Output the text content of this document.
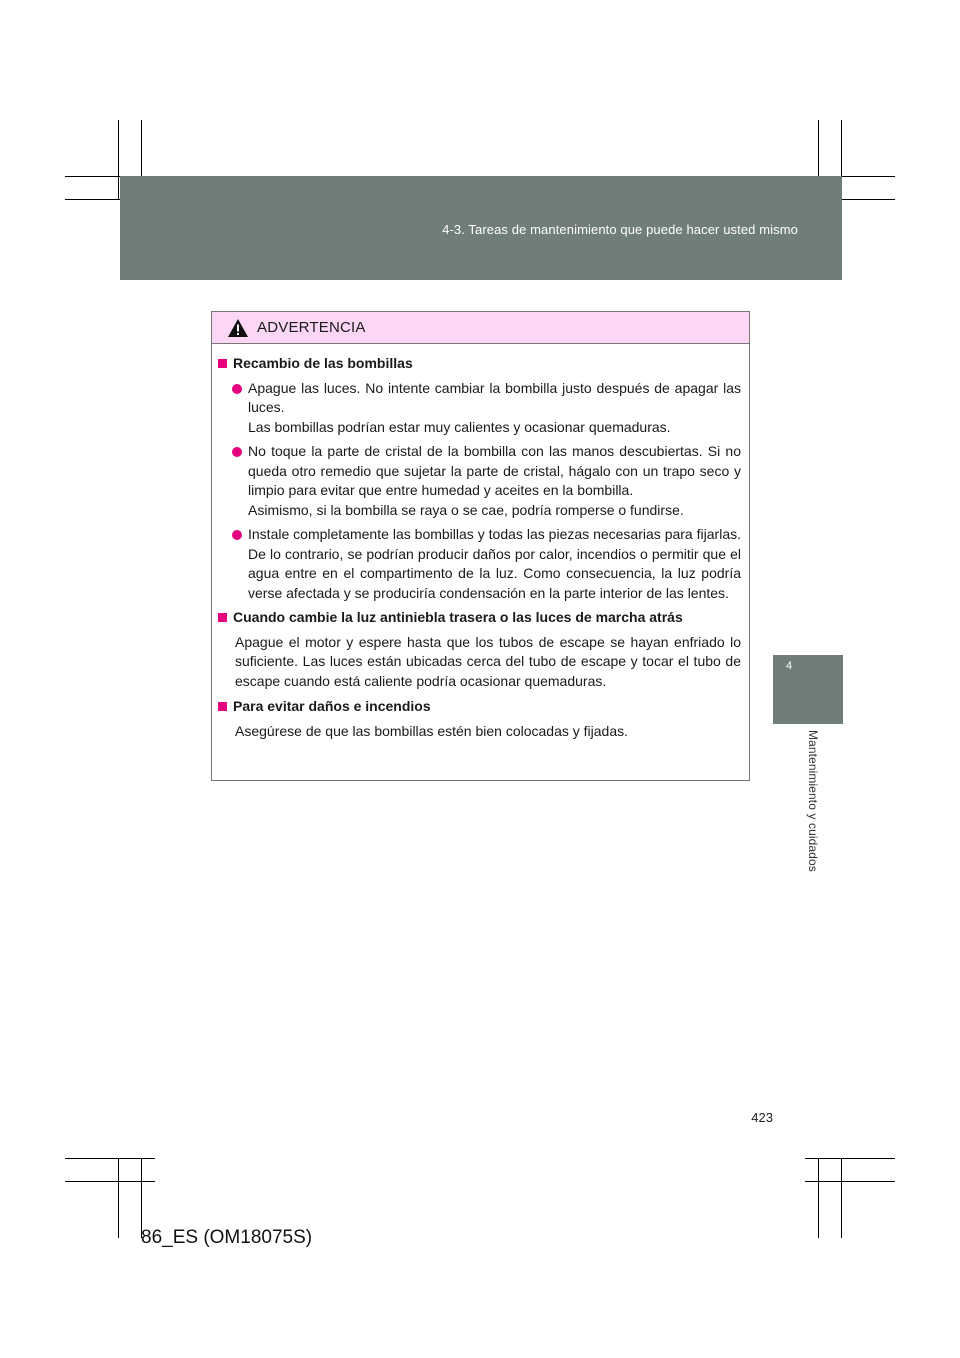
4-3. Tareas de mantenimiento que puede hacer usted mismo
4
Mantenimiento y cuidados
ADVERTENCIA
Recambio de las bombillas
Apague las luces. No intente cambiar la bombilla justo después de apagar las luces.
Las bombillas podrían estar muy calientes y ocasionar quemaduras.
No toque la parte de cristal de la bombilla con las manos descubiertas. Si no queda otro remedio que sujetar la parte de cristal, hágalo con un trapo seco y limpio para evitar que entre humedad y aceites en la bombilla.
Asimismo, si la bombilla se raya o se cae, podría romperse o fundirse.
Instale completamente las bombillas y todas las piezas necesarias para fijarlas. De lo contrario, se podrían producir daños por calor, incendios o permitir que el agua entre en el compartimento de la luz. Como consecuencia, la luz podría verse afectada y se produciría condensación en la parte interior de las lentes.
Cuando cambie la luz antiniebla trasera o las luces de marcha atrás
Apague el motor y espere hasta que los tubos de escape se hayan enfriado lo suficiente. Las luces están ubicadas cerca del tubo de escape y tocar el tubo de escape cuando está caliente podría ocasionar quemaduras.
Para evitar daños e incendios
Asegúrese de que las bombillas estén bien colocadas y fijadas.
423
86_ES (OM18075S)
